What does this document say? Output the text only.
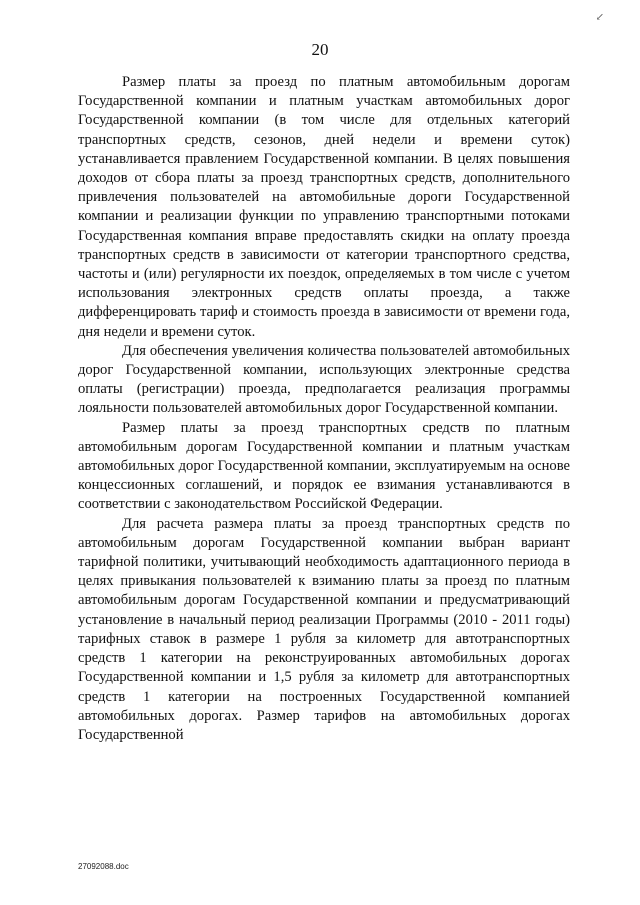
↙
20

Размер платы за проезд по платным автомобильным дорогам Государственной компании и платным участкам автомобильных дорог Государственной компании (в том числе для отдельных категорий транспортных средств, сезонов, дней недели и времени суток) устанавливается правлением Государственной компании. В целях повышения доходов от сбора платы за проезд транспортных средств, дополнительного привлечения пользователей на автомобильные дороги Государственной компании и реализации функции по управлению транспортными потоками Государственная компания вправе предоставлять скидки на оплату проезда транспортных средств в зависимости от категории транспортного средства, частоты и (или) регулярности их поездок, определяемых в том числе с учетом использования электронных средств оплаты проезда, а также дифференцировать тариф и стоимость проезда в зависимости от времени года, дня недели и времени суток.

Для обеспечения увеличения количества пользователей автомобильных дорог Государственной компании, использующих электронные средства оплаты (регистрации) проезда, предполагается реализация программы лояльности пользователей автомобильных дорог Государственной компании.

Размер платы за проезд транспортных средств по платным автомобильным дорогам Государственной компании и платным участкам автомобильных дорог Государственной компании, эксплуатируемым на основе концессионных соглашений, и порядок ее взимания устанавливаются в соответствии с законодательством Российской Федерации.

Для расчета размера платы за проезд транспортных средств по автомобильным дорогам Государственной компании выбран вариант тарифной политики, учитывающий необходимость адаптационного периода в целях привыкания пользователей к взиманию платы за проезд по платным автомобильным дорогам Государственной компании и предусматривающий установление в начальный период реализации Программы (2010 - 2011 годы) тарифных ставок в размере 1 рубля за километр для автотранспортных средств 1 категории на реконструированных автомобильных дорогах Государственной компании и 1,5 рубля за километр для автотранспортных средств 1 категории на построенных Государственной компанией автомобильных дорогах. Размер тарифов на автомобильных дорогах Государственной

27092088.doc
